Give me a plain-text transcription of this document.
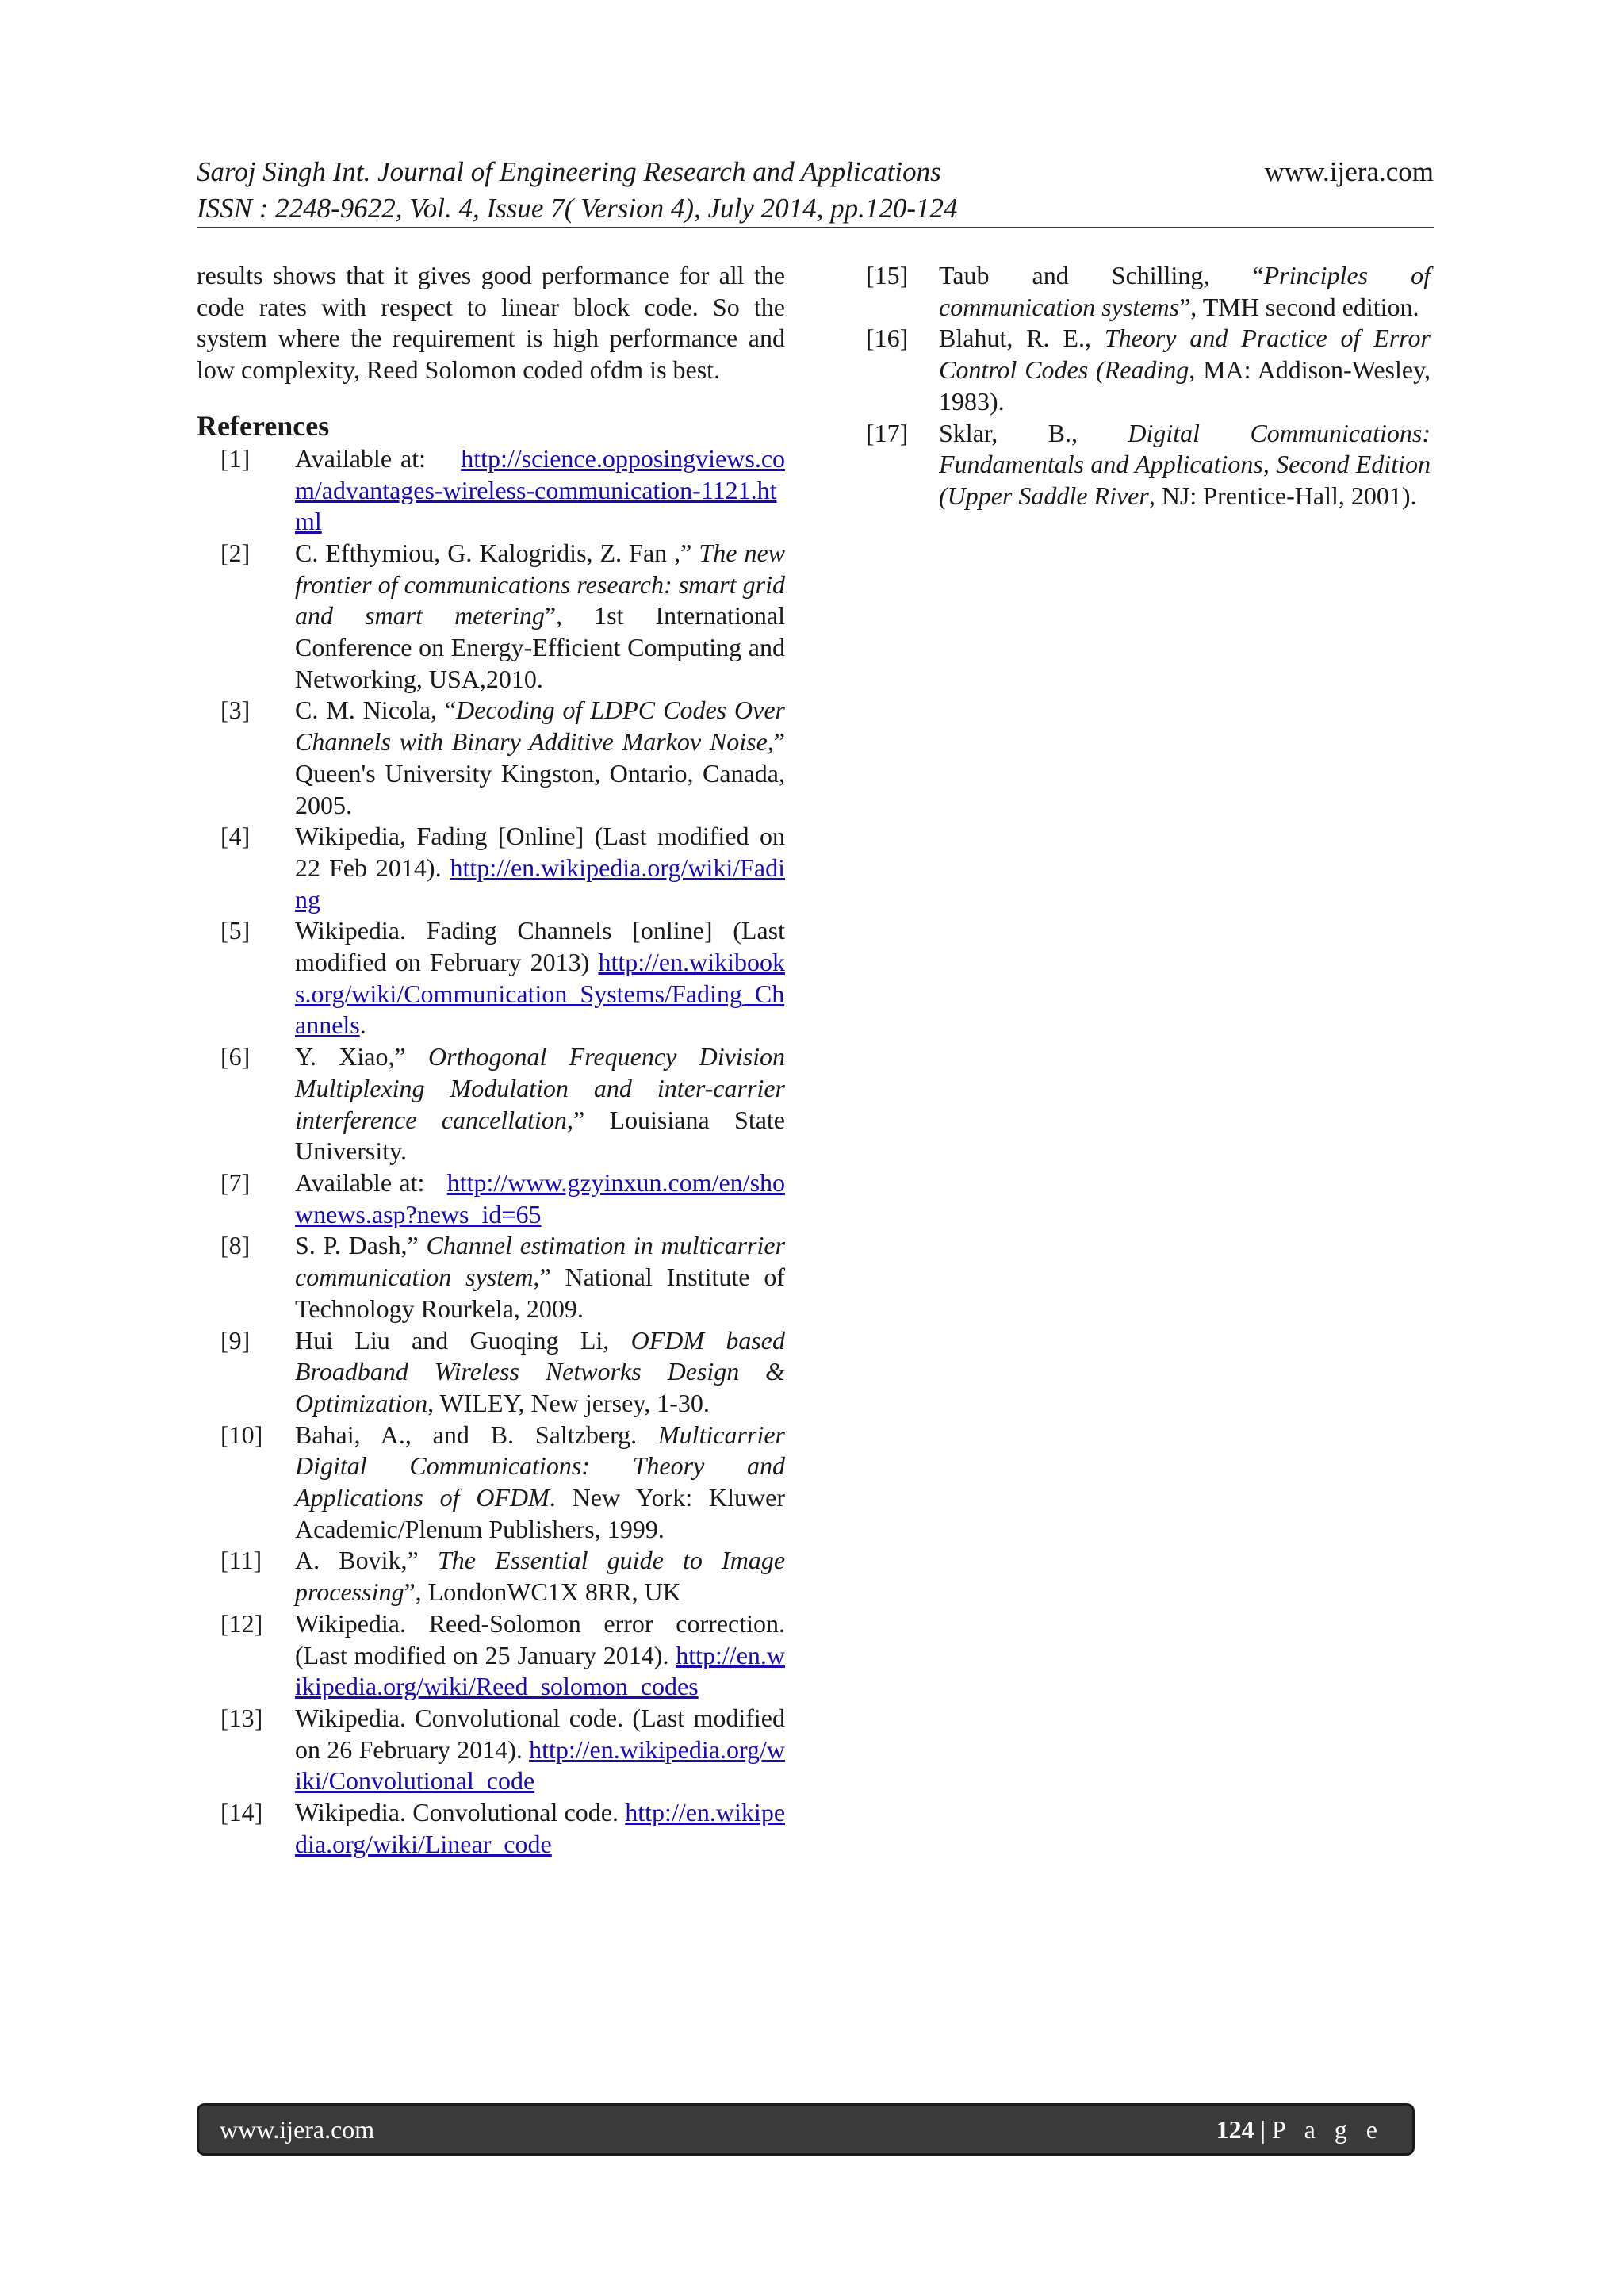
Saroj Singh Int. Journal of Engineering Research and Applications	www.ijera.com
ISSN : 2248-9622, Vol. 4, Issue 7( Version 4), July 2014, pp.120-124

results shows that it gives good performance for all the code rates with respect to linear block code. So the system where the requirement is high performance and low complexity, Reed Solomon coded ofdm is best.

References
[1]	Available at: http://science.opposingviews.com/advantages-wireless-communication-1121.html
[2]	C. Efthymiou, G. Kalogridis, Z. Fan ,” The new frontier of communications research: smart grid and smart metering”, 1st International Conference on Energy-Efficient Computing and Networking, USA,2010.
[3]	C. M. Nicola, “Decoding of LDPC Codes Over Channels with Binary Additive Markov Noise,” Queen's University Kingston, Ontario, Canada, 2005.
[4]	Wikipedia, Fading [Online] (Last modified on 22 Feb 2014). http://en.wikipedia.org/wiki/Fading
[5]	Wikipedia. Fading Channels [online] (Last modified on February 2013) http://en.wikibooks.org/wiki/Communication_Systems/Fading_Channels.
[6]	Y. Xiao,” Orthogonal Frequency Division Multiplexing Modulation and inter-carrier interference cancellation,” Louisiana State University.
[7]	Available at: http://www.gzyinxun.com/en/shownews.asp?news_id=65
[8]	S. P. Dash,” Channel estimation in multicarrier communication system,” National Institute of Technology Rourkela, 2009.
[9]	Hui Liu and Guoqing Li, OFDM based Broadband Wireless Networks Design & Optimization, WILEY, New jersey, 1-30.
[10]	Bahai, A., and B. Saltzberg. Multicarrier Digital Communications: Theory and Applications of OFDM. New York: Kluwer Academic/Plenum Publishers, 1999.
[11]	A. Bovik,” The Essential guide to Image processing”, LondonWC1X 8RR, UK
[12]	Wikipedia. Reed-Solomon error correction. (Last modified on 25 January 2014). http://en.wikipedia.org/wiki/Reed_solomon_codes
[13]	Wikipedia. Convolutional code. (Last modified on 26 February 2014). http://en.wikipedia.org/wiki/Convolutional_code
[14]	Wikipedia. Convolutional code. http://en.wikipedia.org/wiki/Linear_code
[15]	Taub and Schilling, “Principles of communication systems”, TMH second edition.
[16]	Blahut, R. E., Theory and Practice of Error Control Codes (Reading, MA: Addison-Wesley, 1983).
[17]	Sklar, B., Digital Communications: Fundamentals and Applications, Second Edition (Upper Saddle River, NJ: Prentice-Hall, 2001).
www.ijera.com	124 | P a g e
